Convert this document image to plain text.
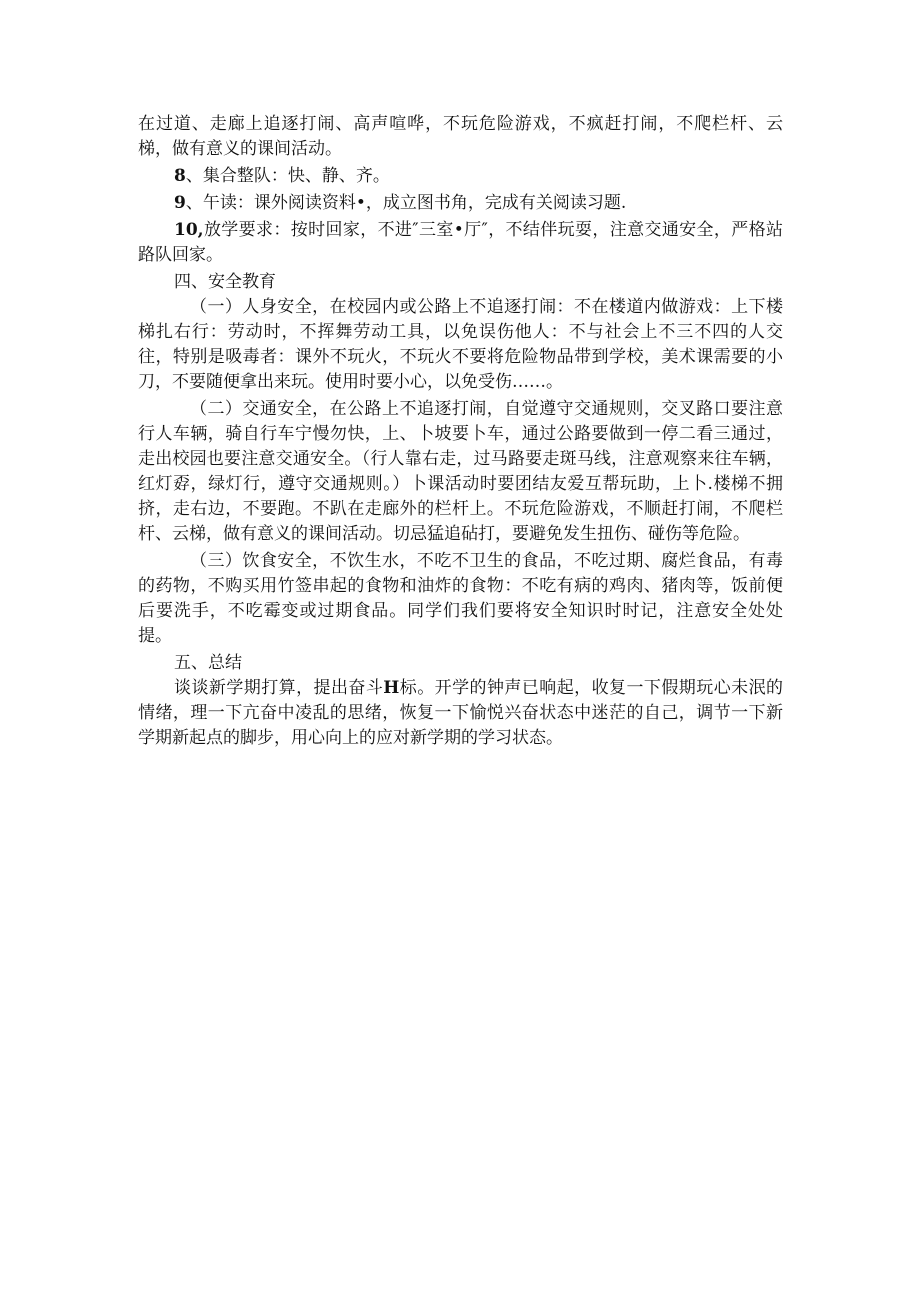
在过道、走廊上追逐打闹、高声喧哗，不玩危险游戏，不疯赶打闹，不爬栏杆、云梯，做有意义的课间活动。

8、集合整队：快、静、齐。

9、午读：课外阅读资料•，成立图书角，完成有关阅读习题.

10,放学要求：按时回家，不进″三室•厅″，不结伴玩耍，注意交通安全，严格站路队回家。

四、安全教育

（一）人身安全，在校园内或公路上不追逐打闹：不在楼道内做游戏：上下楼梯扎右行：劳动时，不挥舞劳动工具，以免误伤他人：不与社会上不三不四的人交往，特别是吸毒者：课外不玩火，不玩火不要将危险物品带到学校，美术课需要的小刀，不要随便拿出来玩。使用时要小心，以免受伤……。

（二）交通安全，在公路上不追逐打闹，自觉遵守交通规则，交叉路口要注意行人车辆，骑自行车宁慢勿快，上、卜坡要卜车，通过公路要做到一停二看三通过，走出校园也要注意交通安全。（行人靠右走，过马路要走斑马线，注意观察来往车辆，红灯孬，绿灯行，遵守交通规则。）卜课活动时要团结友爱互帮玩助，上卜.楼梯不拥挤，走右边，不要跑。不趴在走廊外的栏杆上。不玩危险游戏，不顺赶打闹，不爬栏杆、云梯，做有意义的课间活动。切忌猛追砧打，要避免发生扭伤、碰伤等危险。

（三）饮食安全，不饮生水，不吃不卫生的食品，不吃过期、腐烂食品，有毒的药物，不购买用竹签串起的食物和油炸的食物：不吃有病的鸡肉、猪肉等，饭前便后要洗手，不吃霉变或过期食品。同学们我们要将安全知识时时记，注意安全处处提。

五、总结

谈谈新学期打算，提出奋斗H标。开学的钟声已响起，收复一下假期玩心未泯的情绪，理一下亢奋中凌乱的思绪，恢复一下愉悦兴奋状态中迷茫的自己，调节一下新学期新起点的脚步，用心向上的应对新学期的学习状态。
